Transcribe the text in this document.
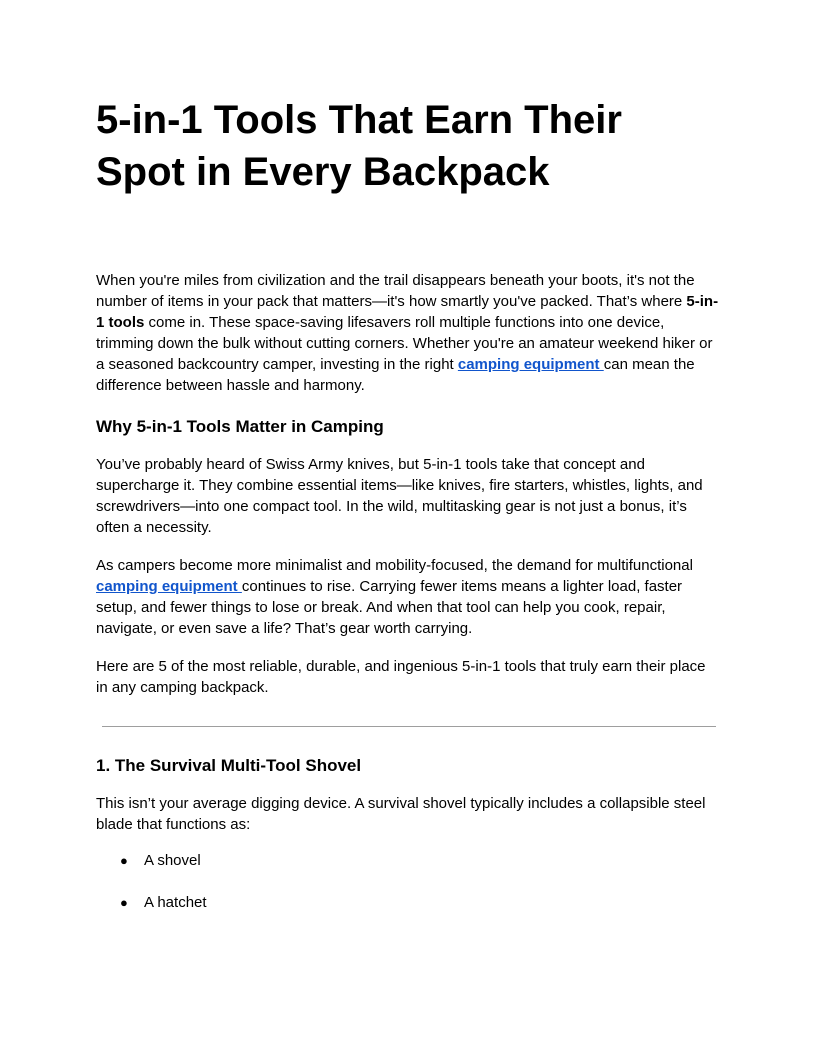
5-in-1 Tools That Earn Their Spot in Every Backpack

When you're miles from civilization and the trail disappears beneath your boots, it's not the number of items in your pack that matters—it's how smartly you've packed. That’s where 5-in-1 tools come in. These space-saving lifesavers roll multiple functions into one device, trimming down the bulk without cutting corners. Whether you're an amateur weekend hiker or a seasoned backcountry camper, investing in the right camping equipment can mean the difference between hassle and harmony.

Why 5-in-1 Tools Matter in Camping

You’ve probably heard of Swiss Army knives, but 5-in-1 tools take that concept and supercharge it. They combine essential items—like knives, fire starters, whistles, lights, and screwdrivers—into one compact tool. In the wild, multitasking gear is not just a bonus, it’s often a necessity.

As campers become more minimalist and mobility-focused, the demand for multifunctional camping equipment continues to rise. Carrying fewer items means a lighter load, faster setup, and fewer things to lose or break. And when that tool can help you cook, repair, navigate, or even save a life? That’s gear worth carrying.

Here are 5 of the most reliable, durable, and ingenious 5-in-1 tools that truly earn their place in any camping backpack.

1. The Survival Multi-Tool Shovel

This isn’t your average digging device. A survival shovel typically includes a collapsible steel blade that functions as:

● A shovel
● A hatchet
